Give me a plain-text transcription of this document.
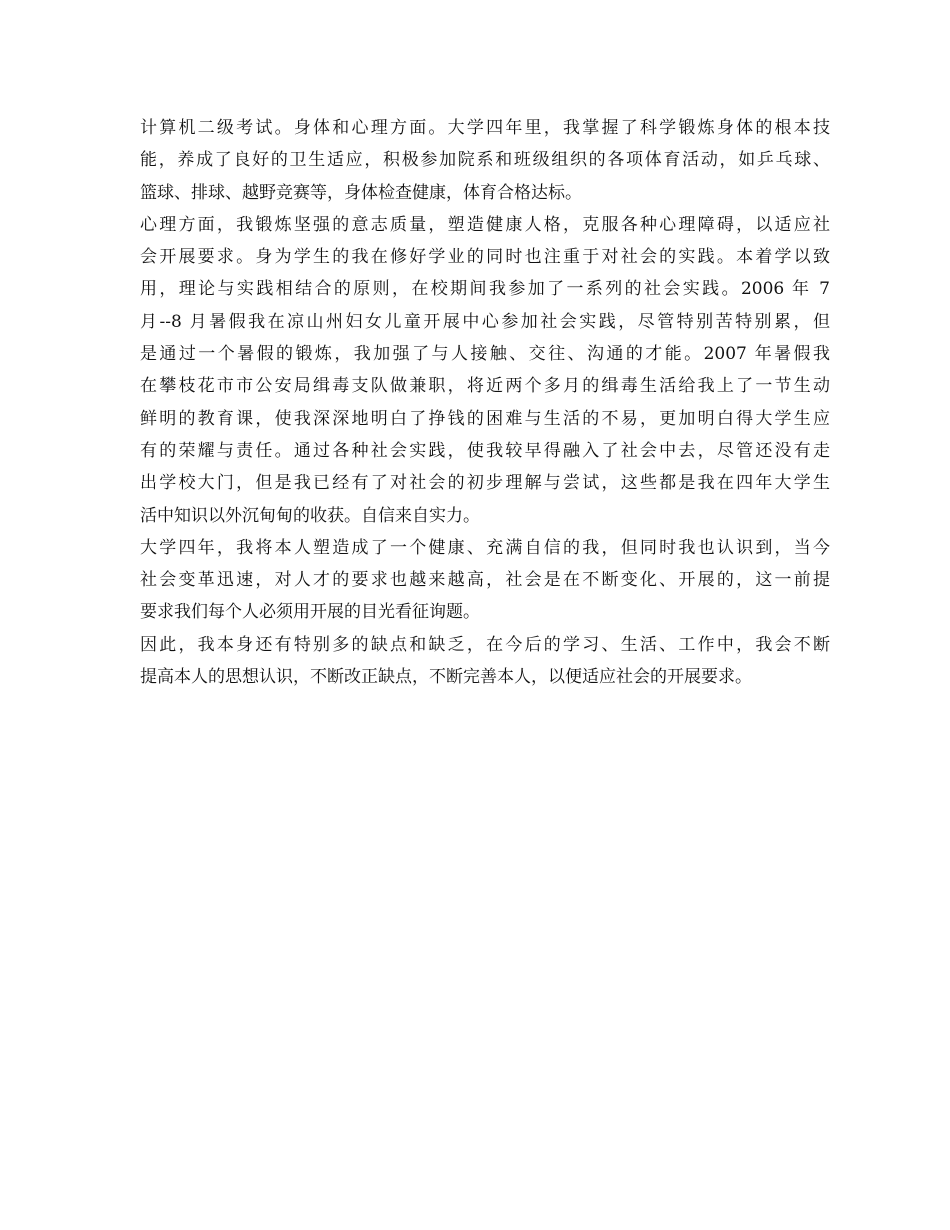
计算机二级考试。身体和心理方面。大学四年里，我掌握了科学锻炼身体的根本技
能，养成了良好的卫生适应，积极参加院系和班级组织的各项体育活动，如乒乓球、
篮球、排球、越野竞赛等，身体检查健康，体育合格达标。
心理方面，我锻炼坚强的意志质量，塑造健康人格，克服各种心理障碍，以适应社
会开展要求。身为学生的我在修好学业的同时也注重于对社会的实践。本着学以致
用，理论与实践相结合的原则，在校期间我参加了一系列的社会实践。2006 年 7
月--8 月暑假我在凉山州妇女儿童开展中心参加社会实践，尽管特别苦特别累，但
是通过一个暑假的锻炼，我加强了与人接触、交往、沟通的才能。2007 年暑假我
在攀枝花市市公安局缉毒支队做兼职，将近两个多月的缉毒生活给我上了一节生动
鲜明的教育课，使我深深地明白了挣钱的困难与生活的不易，更加明白得大学生应
有的荣耀与责任。通过各种社会实践，使我较早得融入了社会中去，尽管还没有走
出学校大门，但是我已经有了对社会的初步理解与尝试，这些都是我在四年大学生
活中知识以外沉甸甸的收获。自信来自实力。
大学四年，我将本人塑造成了一个健康、充满自信的我，但同时我也认识到，当今
社会变革迅速，对人才的要求也越来越高，社会是在不断变化、开展的，这一前提
要求我们每个人必须用开展的目光看征询题。
因此，我本身还有特别多的缺点和缺乏，在今后的学习、生活、工作中，我会不断
提高本人的思想认识，不断改正缺点，不断完善本人，以便适应社会的开展要求。
